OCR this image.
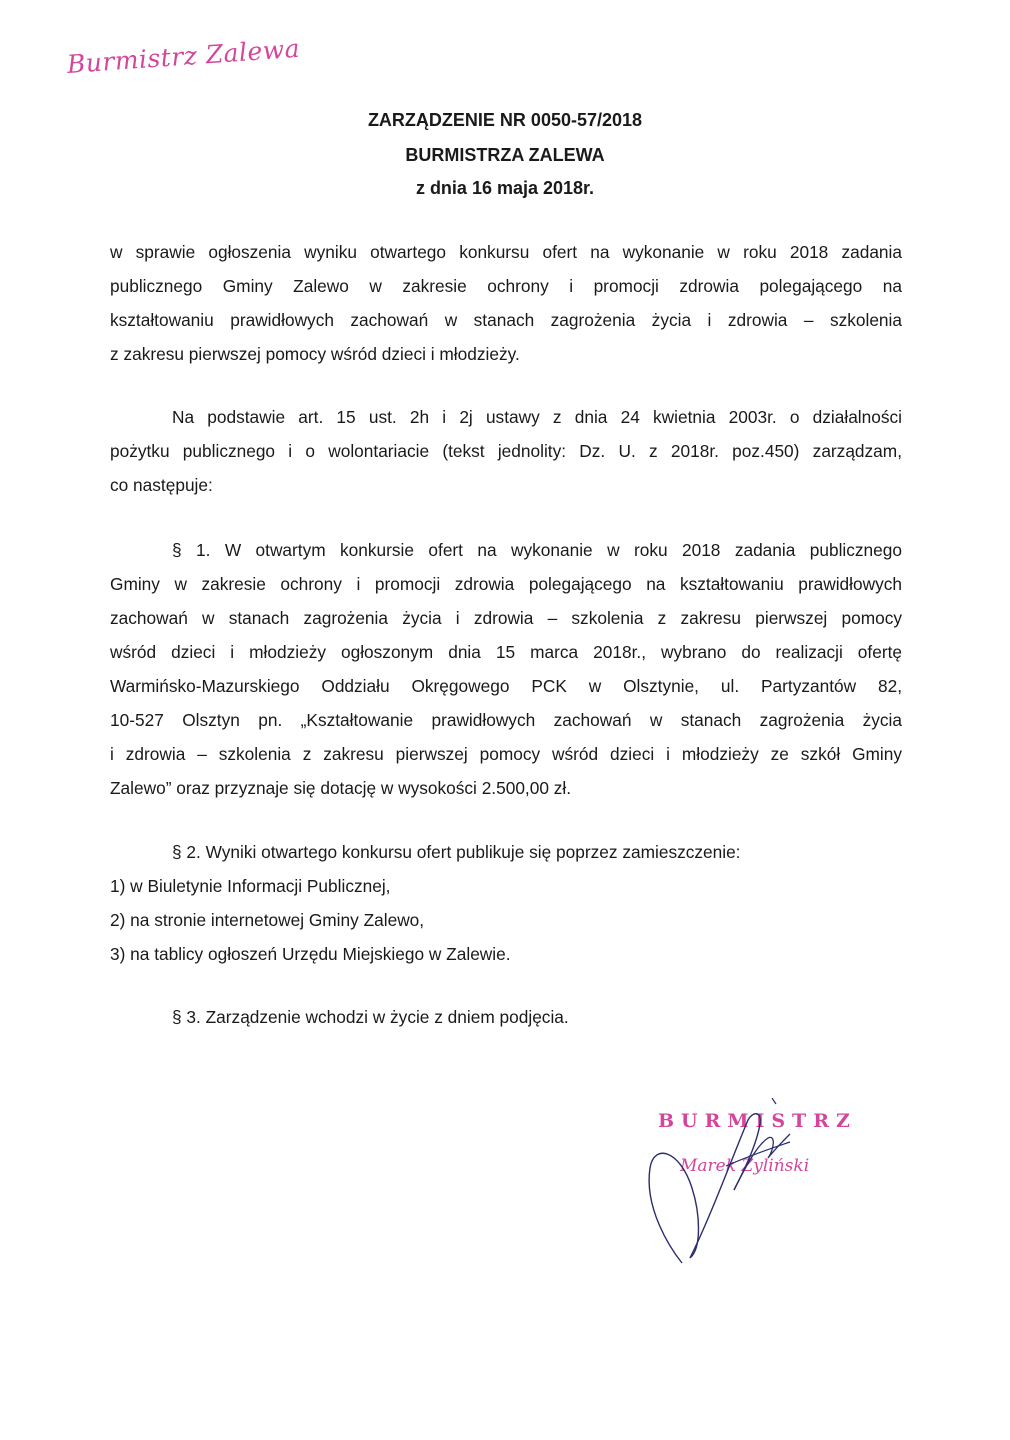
Burmistrz Zalewa
ZARZĄDZENIE NR 0050-57/2018
BURMISTRZA ZALEWA
z dnia 16 maja 2018r.
w sprawie ogłoszenia wyniku otwartego konkursu ofert na wykonanie w roku 2018 zadania
publicznego Gminy Zalewo w zakresie ochrony i promocji zdrowia polegającego na
kształtowaniu prawidłowych zachowań w stanach zagrożenia życia i zdrowia – szkolenia
z zakresu pierwszej pomocy wśród dzieci i młodzieży.
Na podstawie art. 15 ust. 2h i 2j ustawy z dnia 24 kwietnia 2003r. o działalności
pożytku publicznego i o wolontariacie (tekst jednolity: Dz. U. z 2018r. poz.450) zarządzam,
co następuje:
§ 1. W otwartym konkursie ofert na wykonanie w roku 2018 zadania publicznego
Gminy w zakresie ochrony i promocji zdrowia polegającego na kształtowaniu prawidłowych
zachowań w stanach zagrożenia życia i zdrowia – szkolenia z zakresu pierwszej pomocy
wśród dzieci i młodzieży ogłoszonym dnia 15 marca 2018r., wybrano do realizacji ofertę
Warmińsko-Mazurskiego Oddziału Okręgowego PCK w Olsztynie, ul. Partyzantów 82,
10-527 Olsztyn pn. „Kształtowanie prawidłowych zachowań w stanach zagrożenia życia
i zdrowia – szkolenia z zakresu pierwszej pomocy wśród dzieci i młodzieży ze szkół Gminy
Zalewo” oraz przyznaje się dotację w wysokości 2.500,00 zł.
§ 2. Wyniki otwartego konkursu ofert publikuje się poprzez zamieszczenie:
1) w Biuletynie Informacji Publicznej,
2) na stronie internetowej Gminy Zalewo,
3) na tablicy ogłoszeń Urzędu Miejskiego w Zalewie.
§ 3. Zarządzenie wchodzi w życie z dniem podjęcia.
BURMISTRZ
Marek Żyliński
